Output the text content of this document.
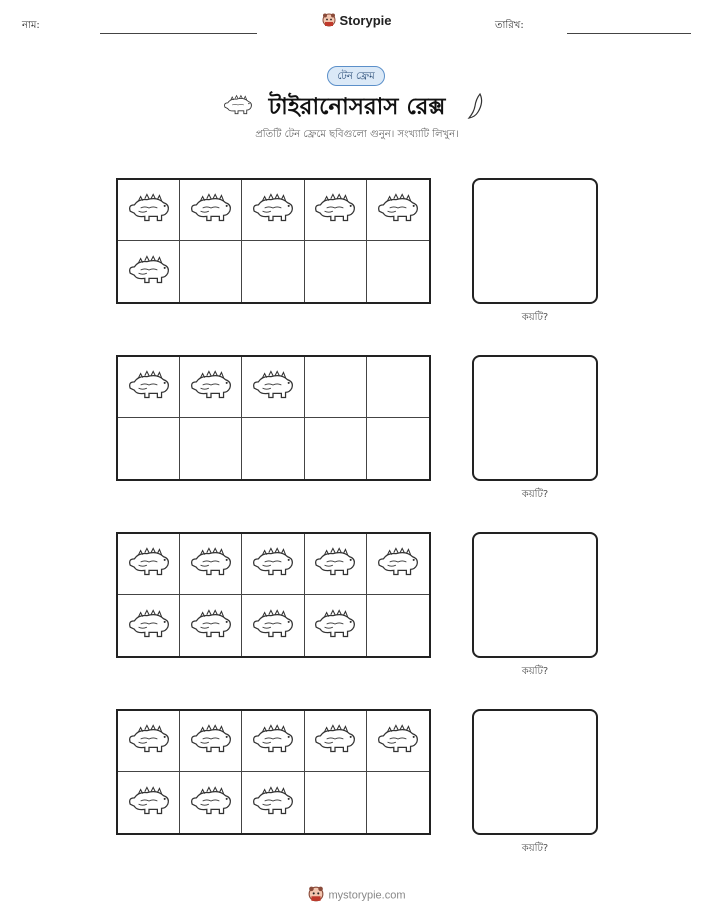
নাম:	Storypie	তারিখ:
টেন ফ্রেম
টাইরানোসরাস রেক্স
প্রতিটি টেন ফ্রেমে ছবিগুলো গুনুন। সংখ্যাটি লিখুন।
কয়টি?
কয়টি?
কয়টি?
কয়টি?
mystorypie.com
